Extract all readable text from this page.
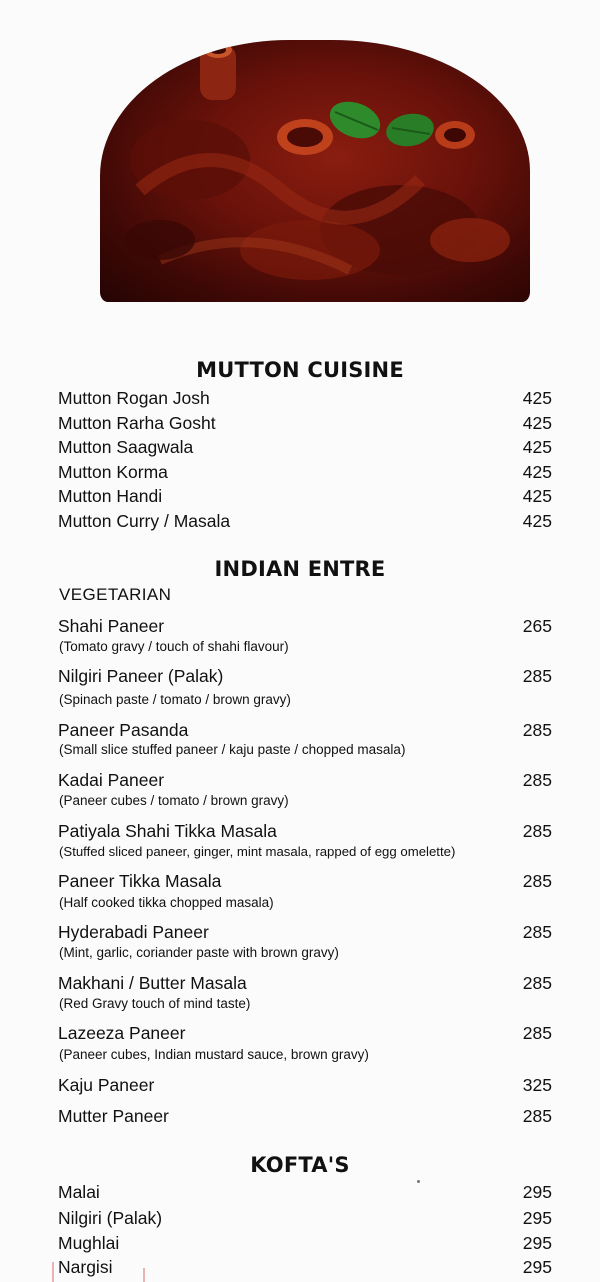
MUTTON CUISINE
Mutton Rogan Josh	425
Mutton Rarha Gosht	425
Mutton Saagwala	425
Mutton Korma	425
Mutton Handi	425
Mutton Curry / Masala	425
INDIAN ENTRE
VEGETARIAN
Shahi Paneer	265
(Tomato gravy / touch of shahi flavour)
Nilgiri Paneer (Palak)	285
(Spinach paste / tomato / brown gravy)
Paneer Pasanda	285
(Small slice stuffed paneer / kaju paste / chopped masala)
Kadai Paneer	285
(Paneer cubes / tomato / brown gravy)
Patiyala Shahi Tikka Masala	285
(Stuffed sliced paneer, ginger, mint masala, rapped of egg omelette)
Paneer Tikka Masala	285
(Half cooked tikka chopped masala)
Hyderabadi Paneer	285
(Mint, garlic, coriander paste with brown gravy)
Makhani / Butter Masala	285
(Red Gravy touch of mind taste)
Lazeeza Paneer	285
(Paneer cubes, Indian mustard sauce, brown gravy)
Kaju Paneer	325
Mutter Paneer	285
KOFTA'S
Malai	295
Nilgiri (Palak)	295
Mughlai	295
Nargisi	295
